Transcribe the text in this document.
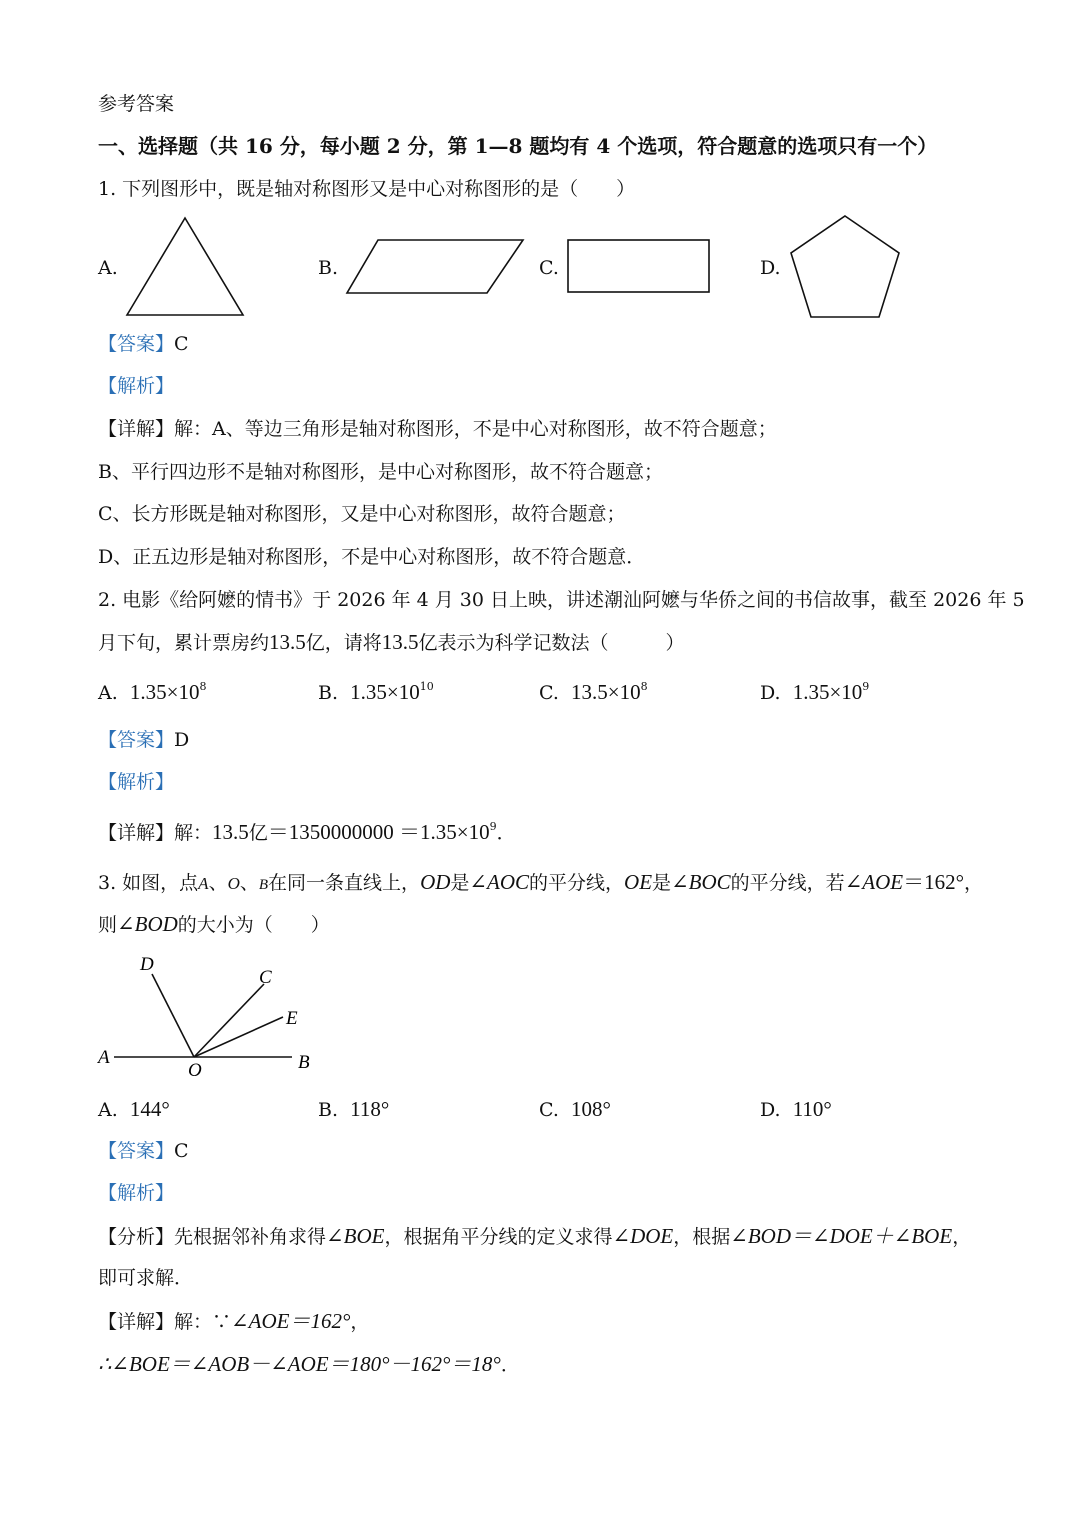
参考答案
一、选择题（共 16 分，每小题 2 分，第 1—8 题均有 4 个选项，符合题意的选项只有一个）
1. 下列图形中，既是轴对称图形又是中心对称图形的是（　　）
A.	B.	C.	D.
【答案】C
【解析】
【详解】解：A、等边三角形是轴对称图形，不是中心对称图形，故不符合题意；
B、平行四边形不是轴对称图形，是中心对称图形，故不符合题意；
C、长方形既是轴对称图形，又是中心对称图形，故符合题意；
D、正五边形是轴对称图形，不是中心对称图形，故不符合题意．
2. 电影《给阿嬷的情书》于 2026 年 4 月 30 日上映，讲述潮汕阿嬷与华侨之间的书信故事，截至 2026 年 5
月下旬，累计票房约13.5亿，请将13.5亿表示为科学记数法（　　　）
A. $1.35\times 10^8$	B. $1.35\times 10^{10}$	C. $13.5\times 10^8$	D. $1.35\times 10^9$
【答案】D
【解析】
【详解】解：13.5亿$=1350000000 =1.35\times 10^9$．
3. 如图，点A、O、B在同一条直线上，OD是∠AOC的平分线，OE是∠BOC的平分线，若∠AOE＝162°，
则∠BOD的大小为（　　）
D
C
E
A
O	B
A. 144°	B. 118°	C. 108°	D. 110°
【答案】C
【解析】
【分析】先根据邻补角求得∠BOE，根据角平分线的定义求得∠DOE，根据∠BOD＝∠DOE＋∠BOE，
即可求解．
【详解】解：∵∠AOE＝162°，
∴∠BOE＝∠AOB－∠AOE＝180°－162°＝18°．
